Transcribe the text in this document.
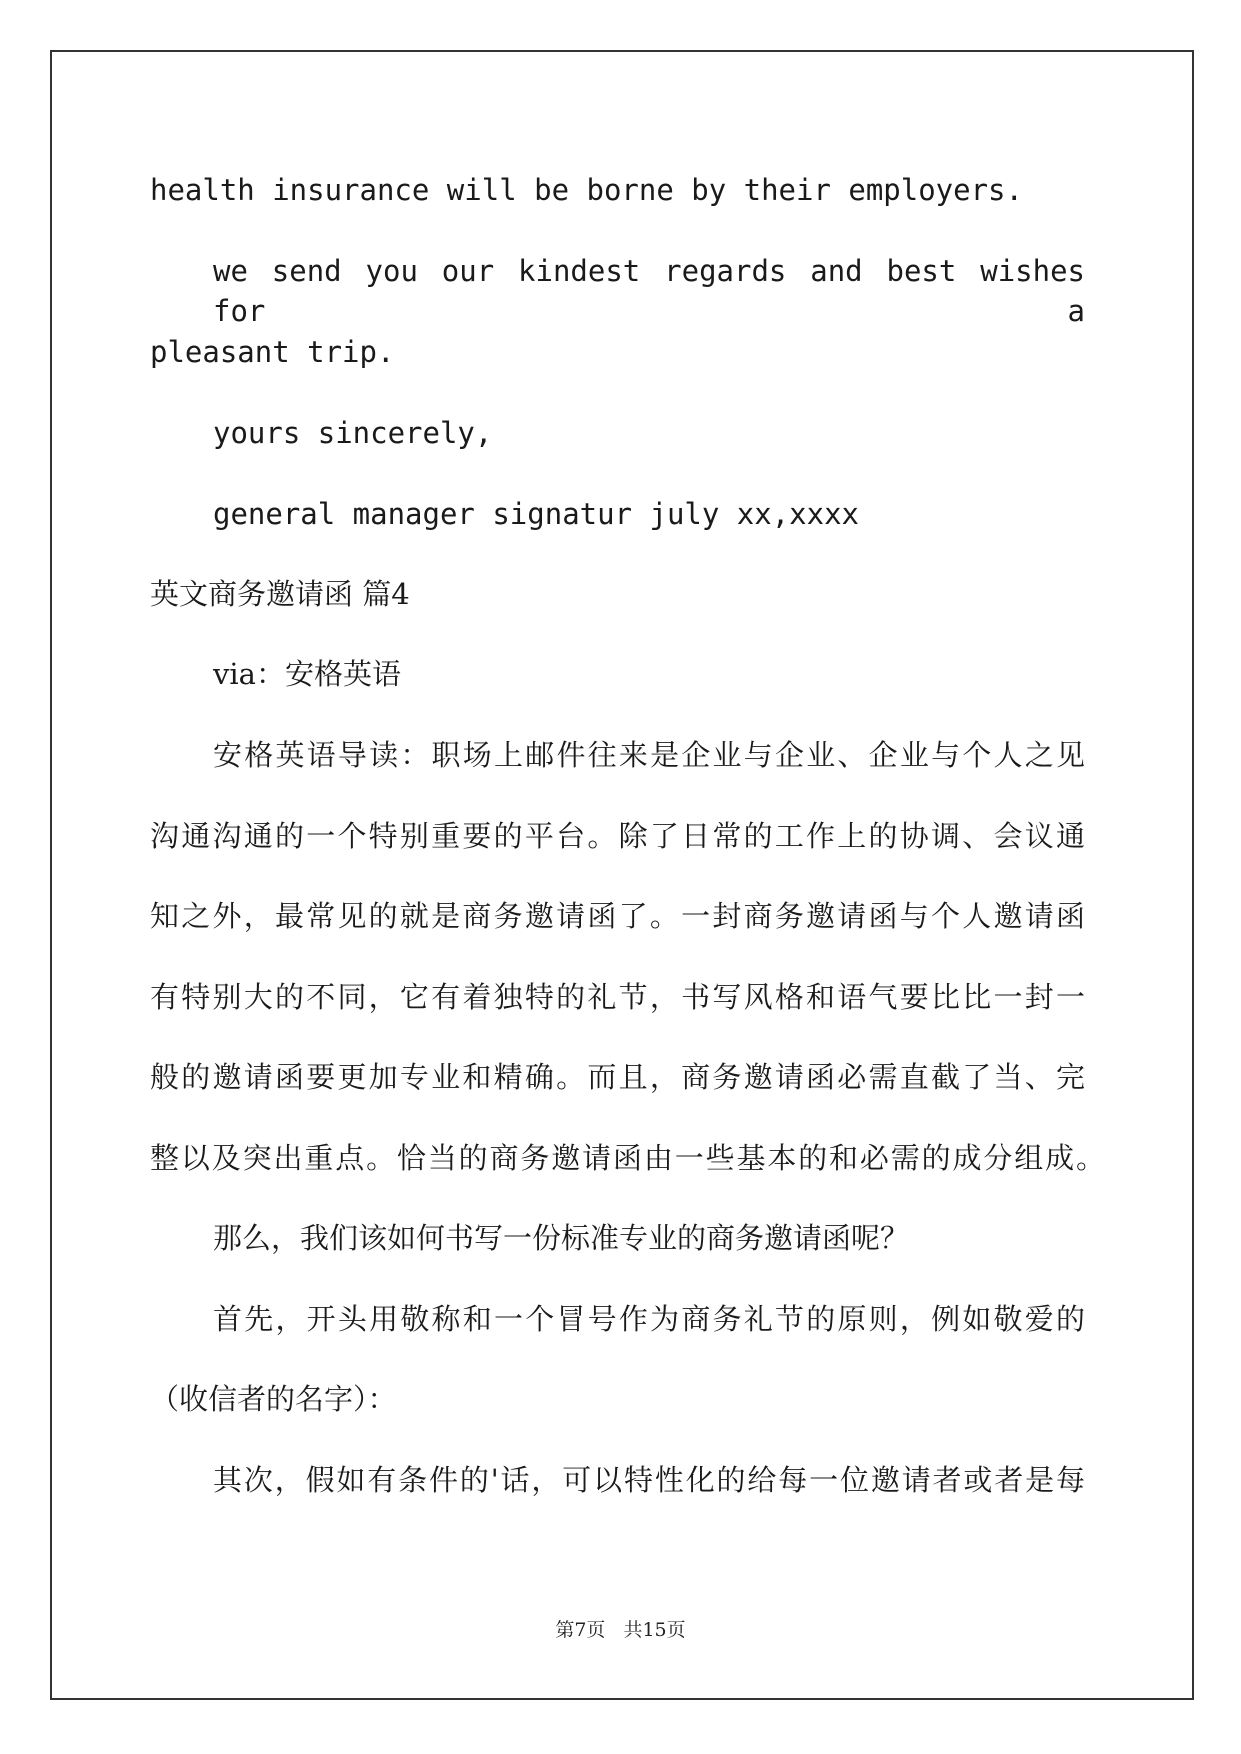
health insurance will be borne by their employers.
we send you our kindest regards and best wishes for a
pleasant trip.
yours sincerely,
general manager signatur july xx,xxxx
英文商务邀请函 篇4
via：安格英语
安格英语导读：职场上邮件往来是企业与企业、企业与个人之见
沟通沟通的一个特别重要的平台。除了日常的工作上的协调、会议通
知之外，最常见的就是商务邀请函了。一封商务邀请函与个人邀请函
有特别大的不同，它有着独特的礼节，书写风格和语气要比比一封一
般的邀请函要更加专业和精确。而且，商务邀请函必需直截了当、完
整以及突出重点。恰当的商务邀请函由一些基本的和必需的成分组成。
那么，我们该如何书写一份标准专业的商务邀请函呢？
首先，开头用敬称和一个冒号作为商务礼节的原则，例如敬爱的
（收信者的名字）：
其次，假如有条件的'话，可以特性化的给每一位邀请者或者是每
第7页 共15页
